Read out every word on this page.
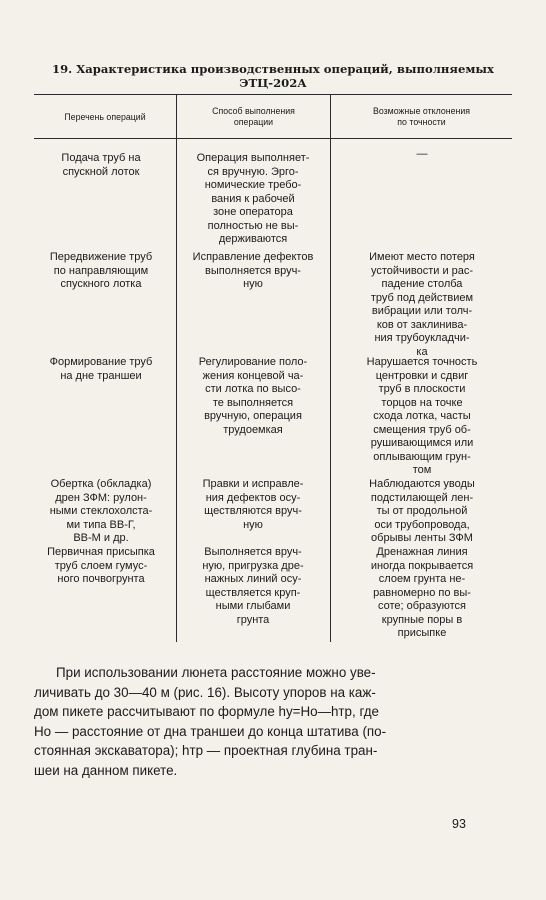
19. Характеристика производственных операций, выполняемых
ЭТЦ-202А
Перечень операций
Способ выполнения
операции
Возможные отклонения
по точности
Подача труб на
спускной лоток
Операция выполняет-
ся вручную. Эрго-
номические требо-
вания к рабочей
зоне оператора
полностью не вы-
держиваются
—
Передвижение труб
по направляющим
спускного лотка
Исправление дефектов
выполняется вруч-
ную
Имеют место потеря
устойчивости и рас-
падение столба
труб под действием
вибрации или толч-
ков от заклинива-
ния трубоукладчи-
ка
Формирование труб
на дне траншеи
Регулирование поло-
жения концевой ча-
сти лотка по высо-
те выполняется
вручную, операция
трудоемкая
Нарушается точность
центровки и сдвиг
труб в плоскости
торцов на точке
схода лотка, часты
смещения труб об-
рушивающимся или
оплывающим грун-
том
Обертка (обкладка)
дрен ЗФМ: рулон-
ными стеклохолста-
ми типа ВВ-Г,
ВВ-М и др.
Правки и исправле-
ния дефектов осу-
ществляются вруч-
ную
Наблюдаются уводы
подстилающей лен-
ты от продольной
оси трубопровода,
обрывы ленты ЗФМ
Первичная присыпка
труб слоем гумус-
ного почвогрунта
Выполняется вруч-
ную, пригрузка дре-
нажных линий осу-
ществляется круп-
ными глыбами
грунта
Дренажная линия
иногда покрывается
слоем грунта не-
равномерно по вы-
соте; образуются
крупные поры в
присыпке
При использовании люнета расстояние можно уве-
личивать до 30—40 м (рис. 16). Высоту упоров на каж-
дом пикете рассчитывают по формуле hу=Hо—hтр, где
Hо — расстояние от дна траншеи до конца штатива (по-
стоянная экскаватора); hтр — проектная глубина тран-
шеи на данном пикете.
93
